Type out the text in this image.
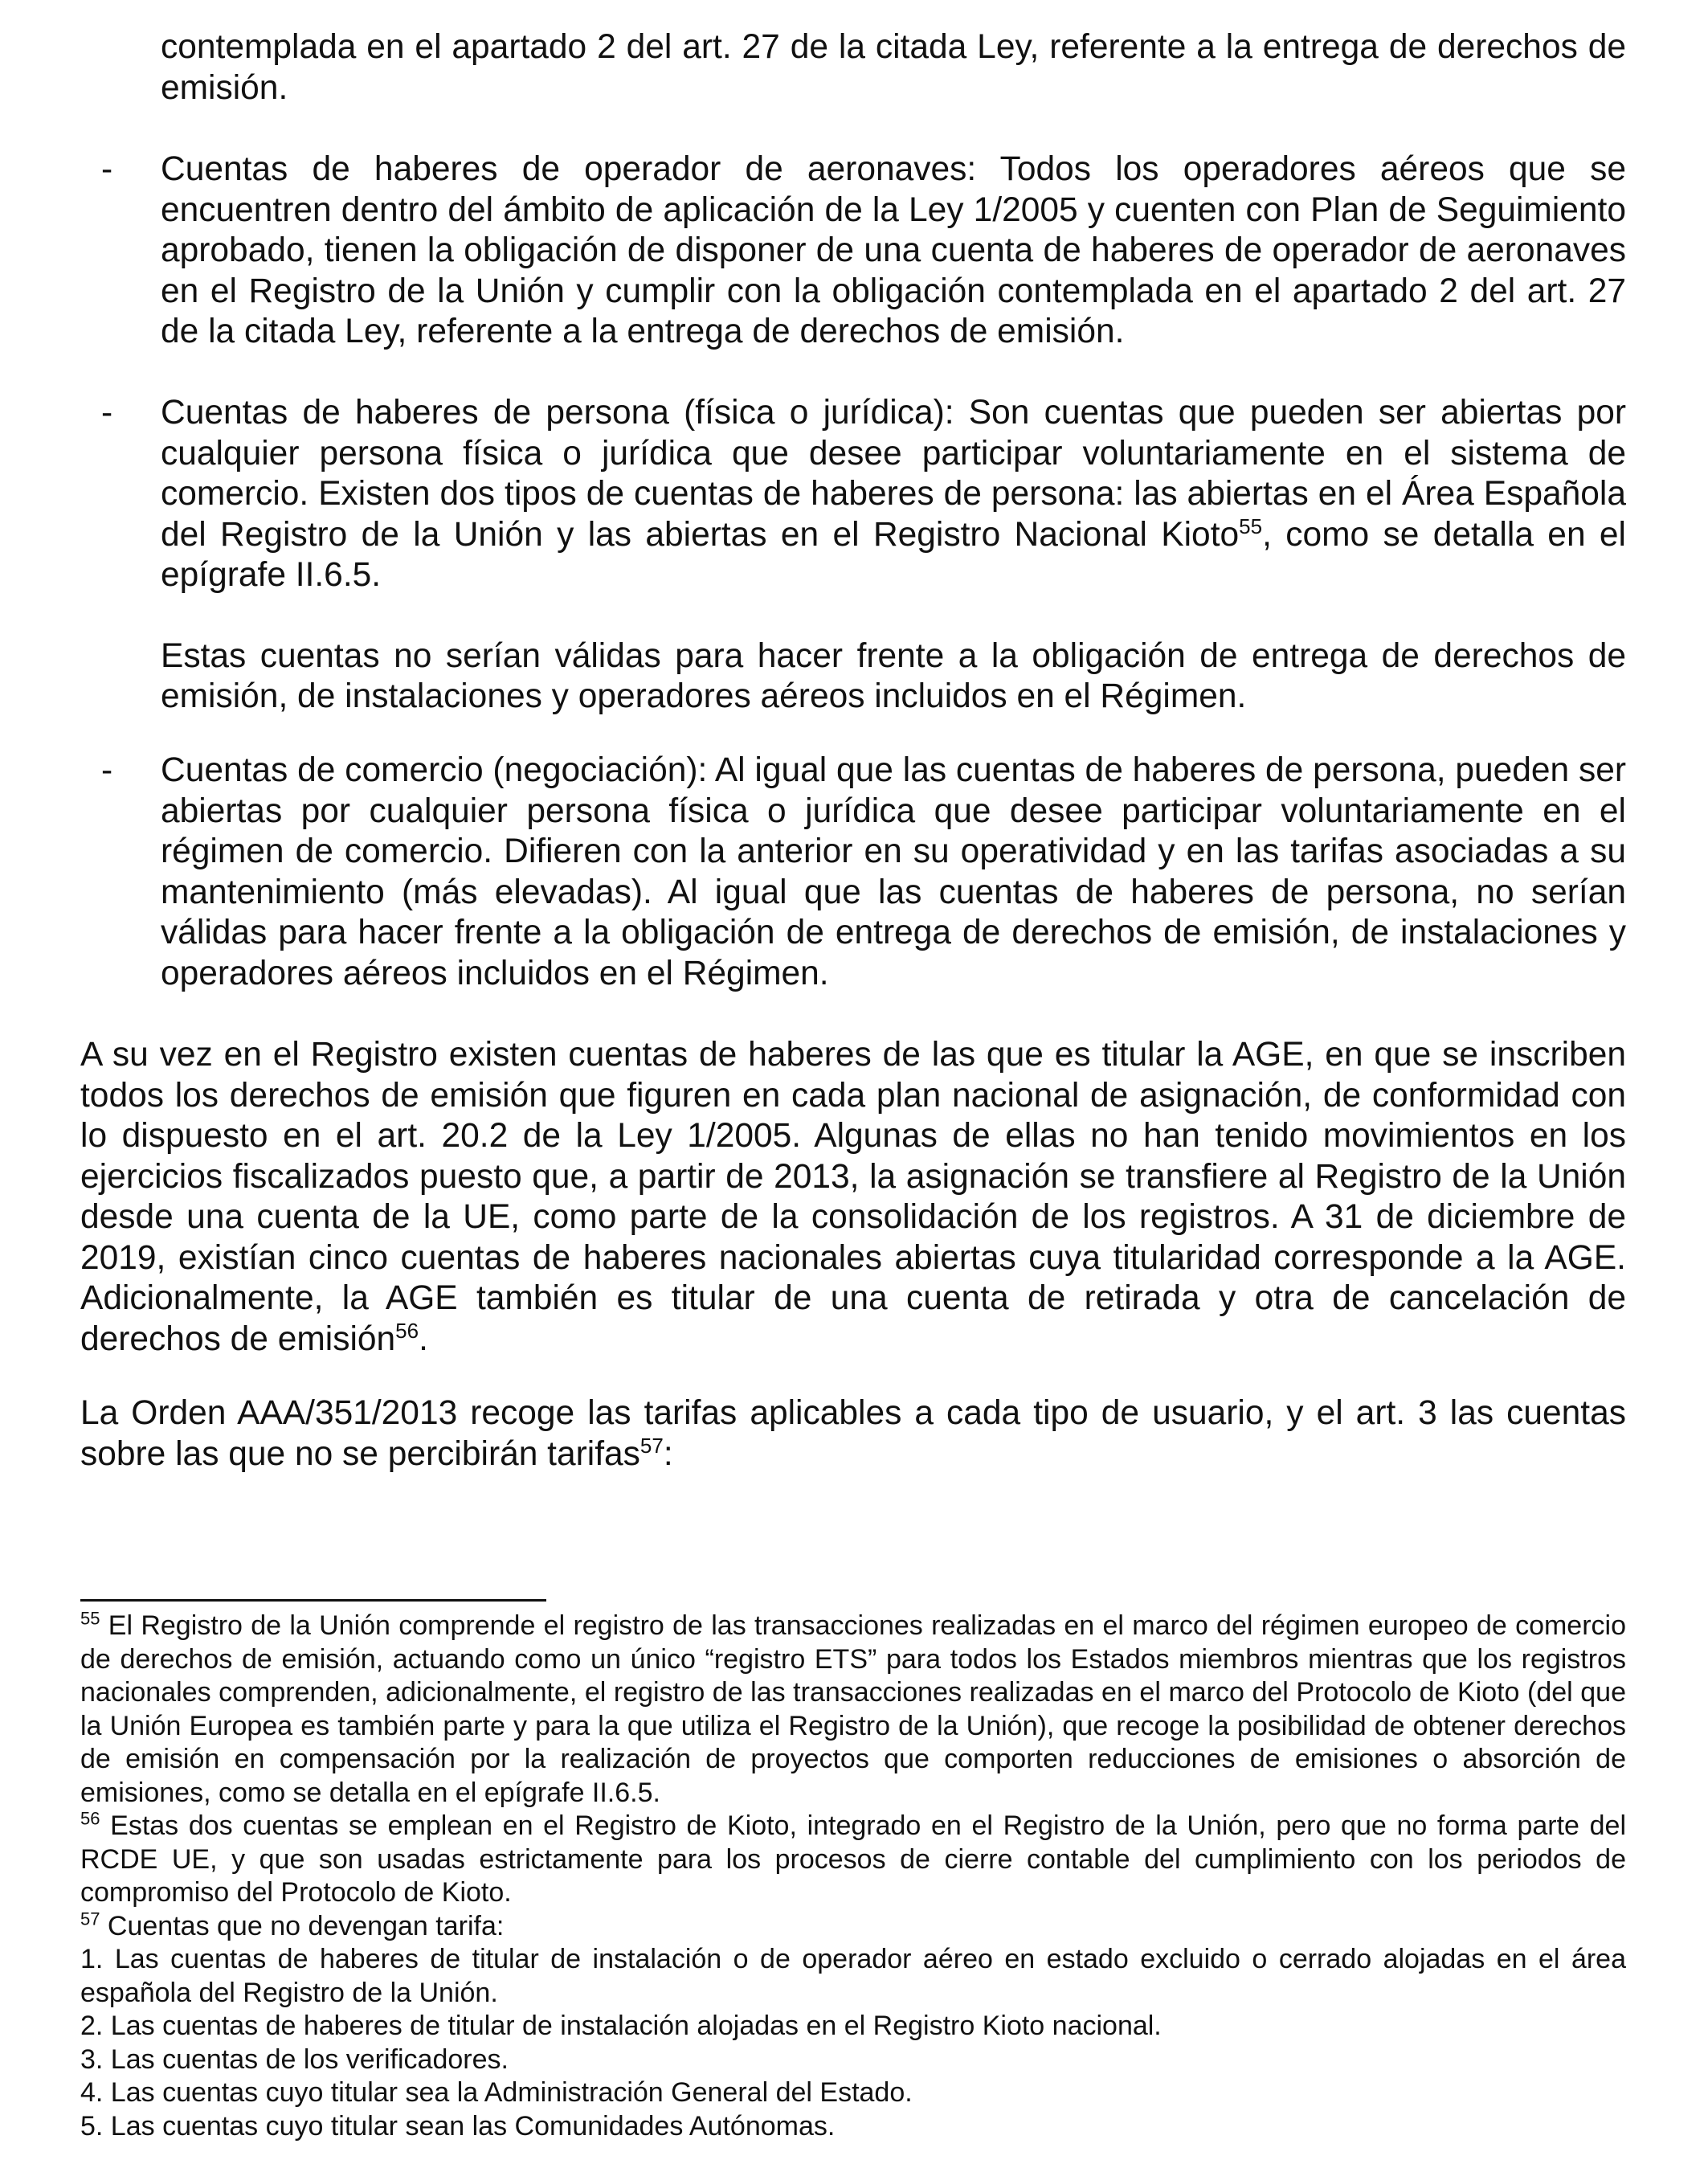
contemplada en el apartado 2 del art. 27 de la citada Ley, referente a la entrega de derechos de emisión.

- Cuentas de haberes de operador de aeronaves: Todos los operadores aéreos que se encuentren dentro del ámbito de aplicación de la Ley 1/2005 y cuenten con Plan de Seguimiento aprobado, tienen la obligación de disponer de una cuenta de haberes de operador de aeronaves en el Registro de la Unión y cumplir con la obligación contemplada en el apartado 2 del art. 27 de la citada Ley, referente a la entrega de derechos de emisión.

- Cuentas de haberes de persona (física o jurídica): Son cuentas que pueden ser abiertas por cualquier persona física o jurídica que desee participar voluntariamente en el sistema de comercio. Existen dos tipos de cuentas de haberes de persona: las abiertas en el Área Española del Registro de la Unión y las abiertas en el Registro Nacional Kioto$^{55}$, como se detalla en el epígrafe II.6.5.

Estas cuentas no serían válidas para hacer frente a la obligación de entrega de derechos de emisión, de instalaciones y operadores aéreos incluidos en el Régimen.

- Cuentas de comercio (negociación): Al igual que las cuentas de haberes de persona, pueden ser abiertas por cualquier persona física o jurídica que desee participar voluntariamente en el régimen de comercio. Difieren con la anterior en su operatividad y en las tarifas asociadas a su mantenimiento (más elevadas). Al igual que las cuentas de haberes de persona, no serían válidas para hacer frente a la obligación de entrega de derechos de emisión, de instalaciones y operadores aéreos incluidos en el Régimen.

A su vez en el Registro existen cuentas de haberes de las que es titular la AGE, en que se inscriben todos los derechos de emisión que figuren en cada plan nacional de asignación, de conformidad con lo dispuesto en el art. 20.2 de la Ley 1/2005. Algunas de ellas no han tenido movimientos en los ejercicios fiscalizados puesto que, a partir de 2013, la asignación se transfiere al Registro de la Unión desde una cuenta de la UE, como parte de la consolidación de los registros. A 31 de diciembre de 2019, existían cinco cuentas de haberes nacionales abiertas cuya titularidad corresponde a la AGE. Adicionalmente, la AGE también es titular de una cuenta de retirada y otra de cancelación de derechos de emisión$^{56}$.

La Orden AAA/351/2013 recoge las tarifas aplicables a cada tipo de usuario, y el art. 3 las cuentas sobre las que no se percibirán tarifas$^{57}$:

$^{55}$ El Registro de la Unión comprende el registro de las transacciones realizadas en el marco del régimen europeo de comercio de derechos de emisión, actuando como un único “registro ETS” para todos los Estados miembros mientras que los registros nacionales comprenden, adicionalmente, el registro de las transacciones realizadas en el marco del Protocolo de Kioto (del que la Unión Europea es también parte y para la que utiliza el Registro de la Unión), que recoge la posibilidad de obtener derechos de emisión en compensación por la realización de proyectos que comporten reducciones de emisiones o absorción de emisiones, como se detalla en el epígrafe II.6.5.

$^{56}$ Estas dos cuentas se emplean en el Registro de Kioto, integrado en el Registro de la Unión, pero que no forma parte del RCDE UE, y que son usadas estrictamente para los procesos de cierre contable del cumplimiento con los periodos de compromiso del Protocolo de Kioto.

$^{57}$ Cuentas que no devengan tarifa:

1. Las cuentas de haberes de titular de instalación o de operador aéreo en estado excluido o cerrado alojadas en el área española del Registro de la Unión.

2. Las cuentas de haberes de titular de instalación alojadas en el Registro Kioto nacional.

3. Las cuentas de los verificadores.

4. Las cuentas cuyo titular sea la Administración General del Estado.

5. Las cuentas cuyo titular sean las Comunidades Autónomas.
